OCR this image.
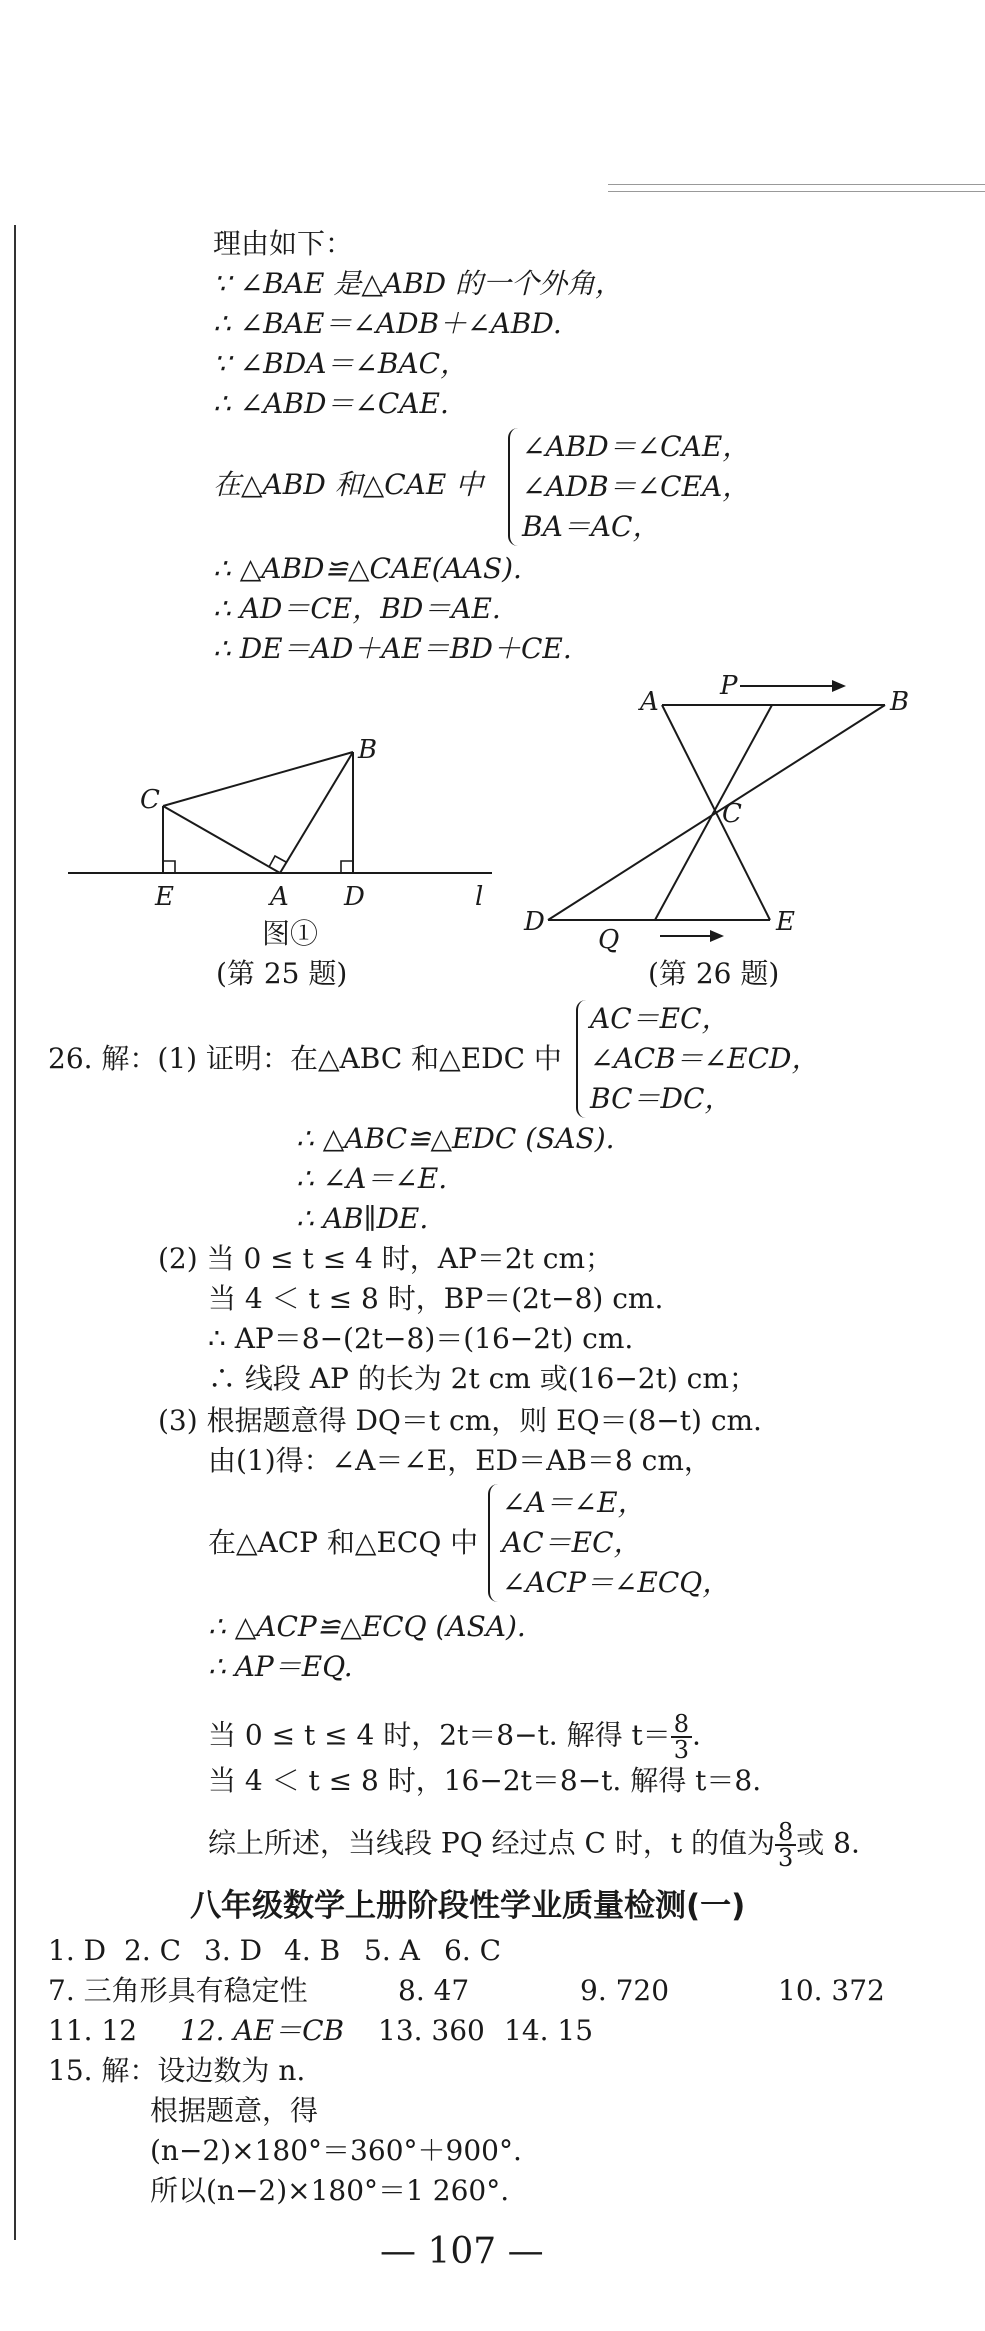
理由如下：
∵ ∠BAE 是△ABD 的一个外角，
∴ ∠BAE＝∠ADB＋∠ABD.
∵ ∠BDA＝∠BAC，
∴ ∠ABD＝∠CAE.
在△ABD 和△CAE 中
∠ABD＝∠CAE，
∠ADB＝∠CEA，
BA＝AC，
∴ △ABD≌△CAE(AAS).
∴ AD＝CE，BD＝AE.
∴ DE＝AD＋AE＝BD＋CE.
C
B
E	A D	l
图①
(第 25 题)
A
P
B
C
D
Q
E
(第 26 题)
26. 解：(1) 证明：在△ABC 和△EDC 中
AC＝EC，
∠ACB＝∠ECD，
BC＝DC，
∴ △ABC≌△EDC (SAS).
∴ ∠A＝∠E.
∴ AB∥DE.
(2) 当 0 ≤ t ≤ 4 时，AP＝2t cm；
当 4 ＜ t ≤ 8 时，BP＝(2t−8) cm.
∴ AP＝8−(2t−8)＝(16−2t) cm.
∴ 线段 AP 的长为 2t cm 或(16−2t) cm；
(3) 根据题意得 DQ＝t cm，则 EQ＝(8−t) cm.
由(1)得：∠A＝∠E，ED＝AB＝8 cm，
在△ACP 和△ECQ 中
∠A＝∠E，
AC＝EC，
∠ACP＝∠ECQ，
∴ △ACP≌△ECQ (ASA).
∴ AP＝EQ.
当 0 ≤ t ≤ 4 时，2t＝8−t. 解得 $t= \frac{8}{3}$ .
当 4 ＜ t ≤ 8 时，16−2t＝8−t. 解得 t＝8.
综上所述，当线段 PQ 经过点 C 时，t 的值为 $\frac{8}{3}$ 或 8.
八年级数学上册阶段性学业质量检测(一)
1. D 2. C 3. D 4. B 5. A 6. C
7. 三角形具有稳定性	8. 47	9. 720	10. 372
11. 12 12. AE＝CB 13. 360 14. 15
15. 解：设边数为 n.
根据题意，得
(n−2)×180°＝360°＋900°.
所以(n−2)×180°＝1 260°.
— 107 —
